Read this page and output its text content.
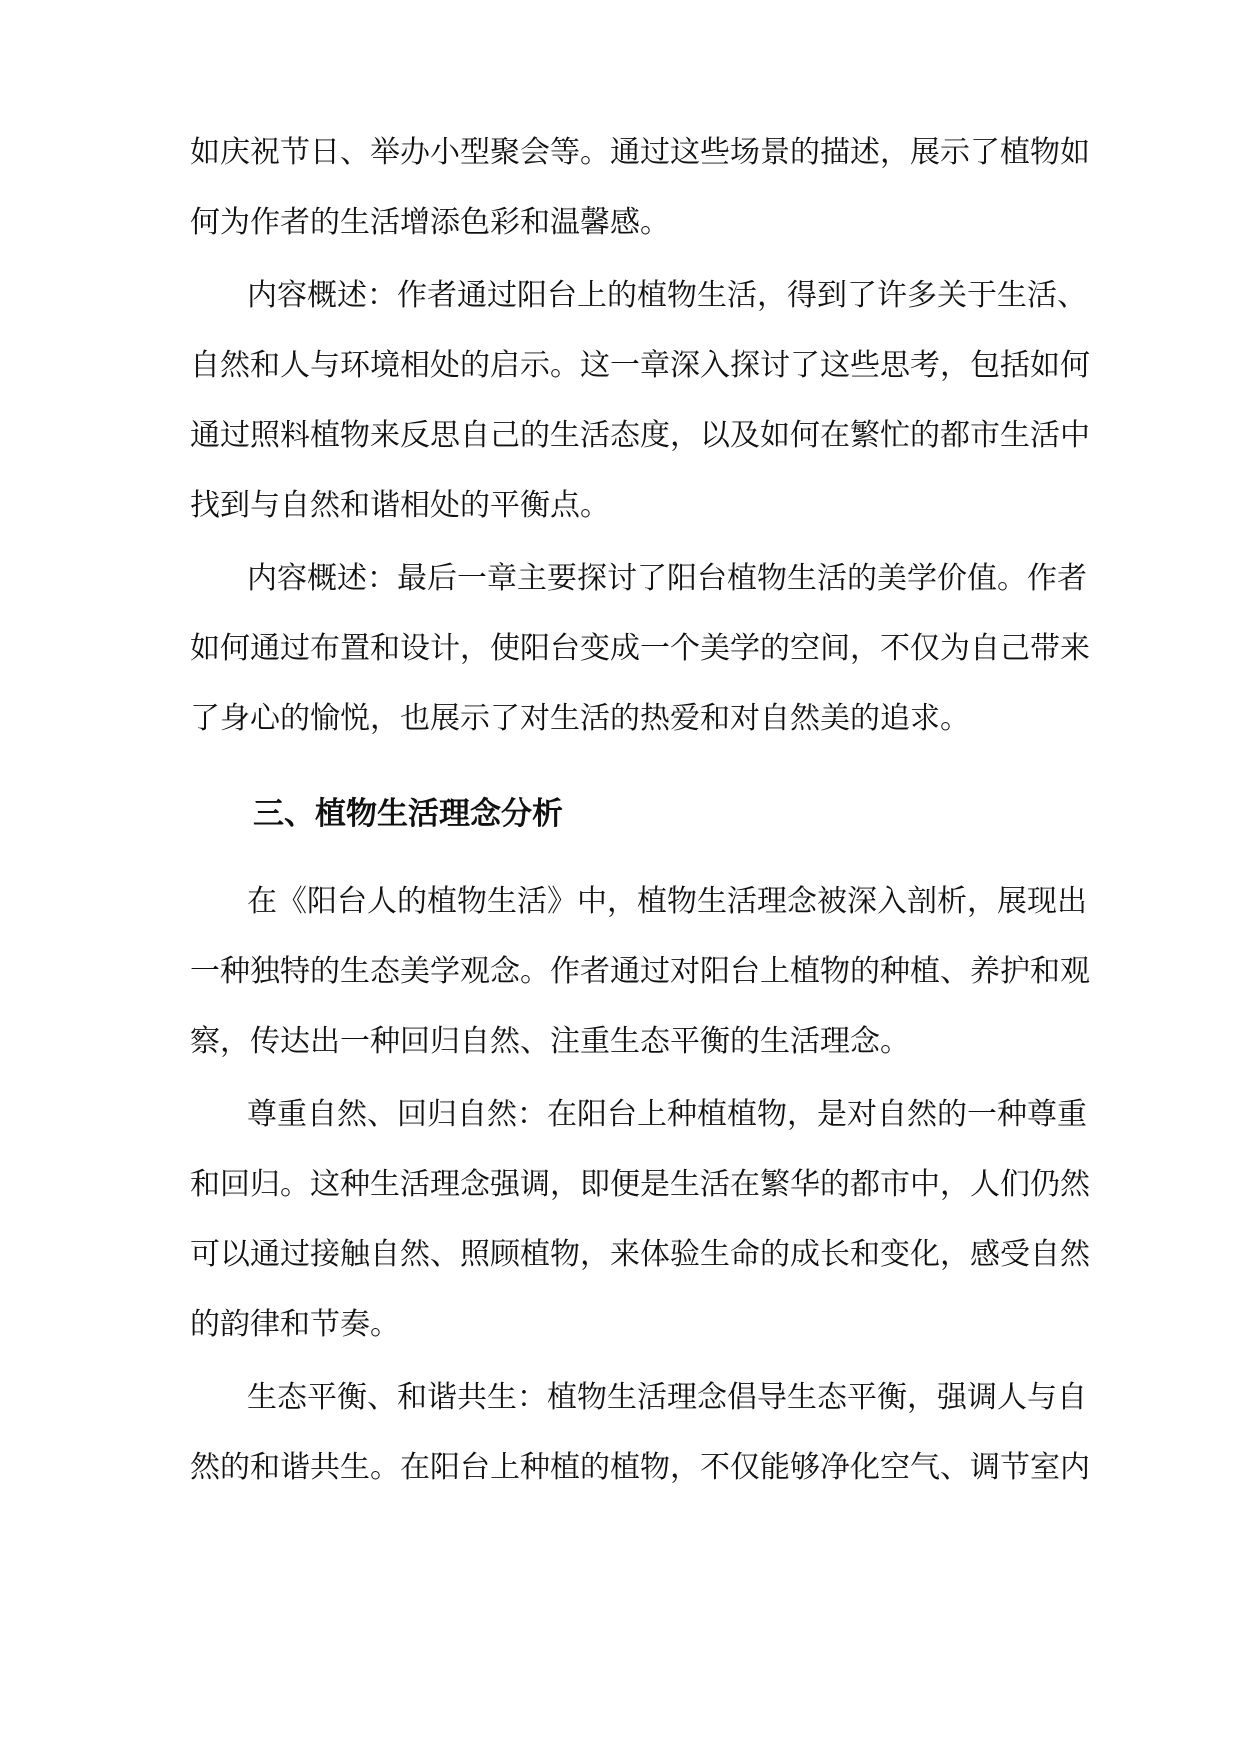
如庆祝节日、举办小型聚会等。通过这些场景的描述，展示了植物如
何为作者的生活增添色彩和温馨感。
内容概述：作者通过阳台上的植物生活，得到了许多关于生活、
自然和人与环境相处的启示。这一章深入探讨了这些思考，包括如何
通过照料植物来反思自己的生活态度，以及如何在繁忙的都市生活中
找到与自然和谐相处的平衡点。
内容概述：最后一章主要探讨了阳台植物生活的美学价值。作者
如何通过布置和设计，使阳台变成一个美学的空间，不仅为自己带来
了身心的愉悦，也展示了对生活的热爱和对自然美的追求。
三、植物生活理念分析
在《阳台人的植物生活》中，植物生活理念被深入剖析，展现出
一种独特的生态美学观念。作者通过对阳台上植物的种植、养护和观
察，传达出一种回归自然、注重生态平衡的生活理念。
尊重自然、回归自然：在阳台上种植植物，是对自然的一种尊重
和回归。这种生活理念强调，即便是生活在繁华的都市中，人们仍然
可以通过接触自然、照顾植物，来体验生命的成长和变化，感受自然
的韵律和节奏。
生态平衡、和谐共生：植物生活理念倡导生态平衡，强调人与自
然的和谐共生。在阳台上种植的植物，不仅能够净化空气、调节室内
